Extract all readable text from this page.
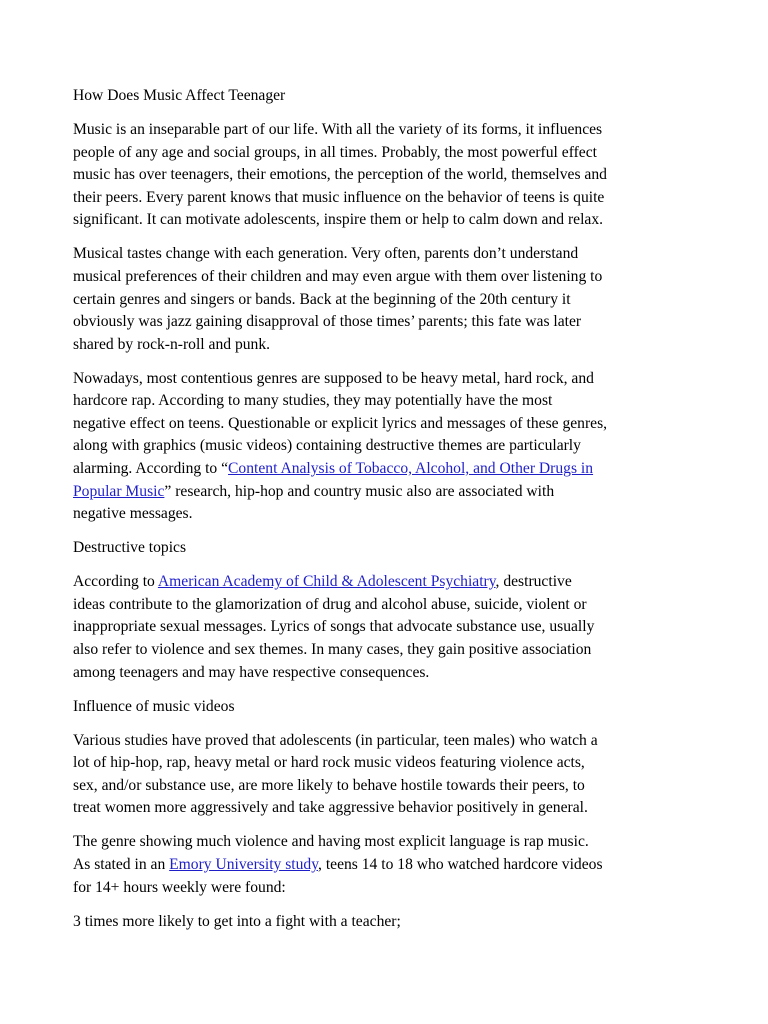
How Does Music Affect Teenager

Music is an inseparable part of our life. With all the variety of its forms, it influences
people of any age and social groups, in all times. Probably, the most powerful effect
music has over teenagers, their emotions, the perception of the world, themselves and
their peers. Every parent knows that music influence on the behavior of teens is quite
significant. It can motivate adolescents, inspire them or help to calm down and relax.

Musical tastes change with each generation. Very often, parents don’t understand
musical preferences of their children and may even argue with them over listening to
certain genres and singers or bands. Back at the beginning of the 20th century it
obviously was jazz gaining disapproval of those times’ parents; this fate was later
shared by rock-n-roll and punk.

Nowadays, most contentious genres are supposed to be heavy metal, hard rock, and
hardcore rap. According to many studies, they may potentially have the most
negative effect on teens. Questionable or explicit lyrics and messages of these genres,
along with graphics (music videos) containing destructive themes are particularly
alarming. According to “Content Analysis of Tobacco, Alcohol, and Other Drugs in
Popular Music” research, hip-hop and country music also are associated with
negative messages.

Destructive topics

According to American Academy of Child & Adolescent Psychiatry, destructive
ideas contribute to the glamorization of drug and alcohol abuse, suicide, violent or
inappropriate sexual messages. Lyrics of songs that advocate substance use, usually
also refer to violence and sex themes. In many cases, they gain positive association
among teenagers and may have respective consequences.

Influence of music videos

Various studies have proved that adolescents (in particular, teen males) who watch a
lot of hip-hop, rap, heavy metal or hard rock music videos featuring violence acts,
sex, and/or substance use, are more likely to behave hostile towards their peers, to
treat women more aggressively and take aggressive behavior positively in general.

The genre showing much violence and having most explicit language is rap music.
As stated in an Emory University study, teens 14 to 18 who watched hardcore videos
for 14+ hours weekly were found:

3 times more likely to get into a fight with a teacher;
